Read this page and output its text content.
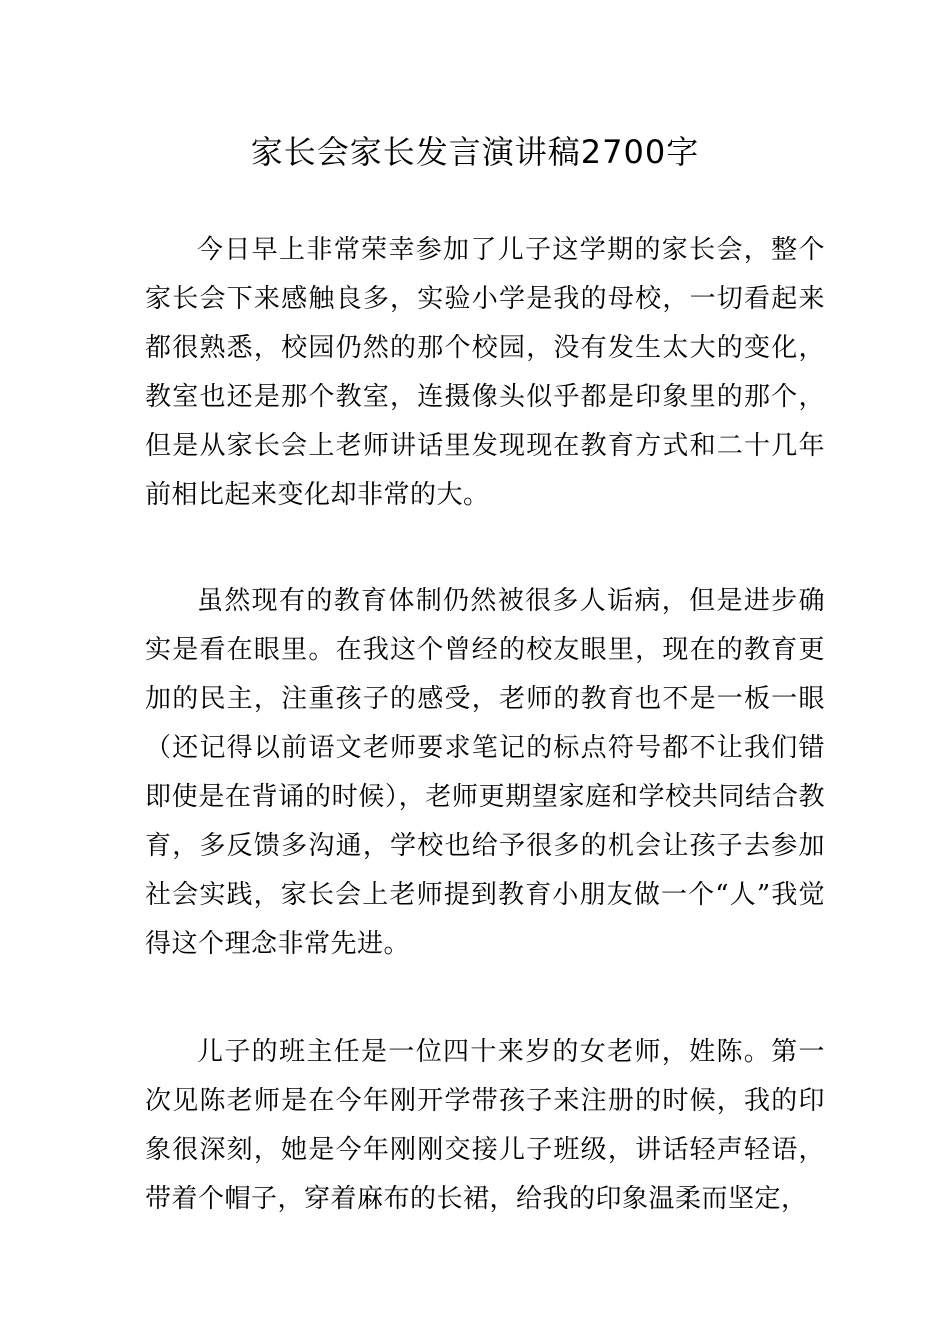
家长会家长发言演讲稿2700字

今日早上非常荣幸参加了儿子这学期的家长会，整个家长会下来感触良多，实验小学是我的母校，一切看起来都很熟悉，校园仍然的那个校园，没有发生太大的变化，教室也还是那个教室，连摄像头似乎都是印象里的那个，但是从家长会上老师讲话里发现现在教育方式和二十几年前相比起来变化却非常的大。

虽然现有的教育体制仍然被很多人诟病，但是进步确实是看在眼里。在我这个曾经的校友眼里，现在的教育更加的民主，注重孩子的感受，老师的教育也不是一板一眼（还记得以前语文老师要求笔记的标点符号都不让我们错即使是在背诵的时候），老师更期望家庭和学校共同结合教育，多反馈多沟通，学校也给予很多的机会让孩子去参加社会实践，家长会上老师提到教育小朋友做一个“人”我觉得这个理念非常先进。

儿子的班主任是一位四十来岁的女老师，姓陈。第一次见陈老师是在今年刚开学带孩子来注册的时候，我的印象很深刻，她是今年刚刚交接儿子班级，讲话轻声轻语，带着个帽子，穿着麻布的长裙，给我的印象温柔而坚定，
